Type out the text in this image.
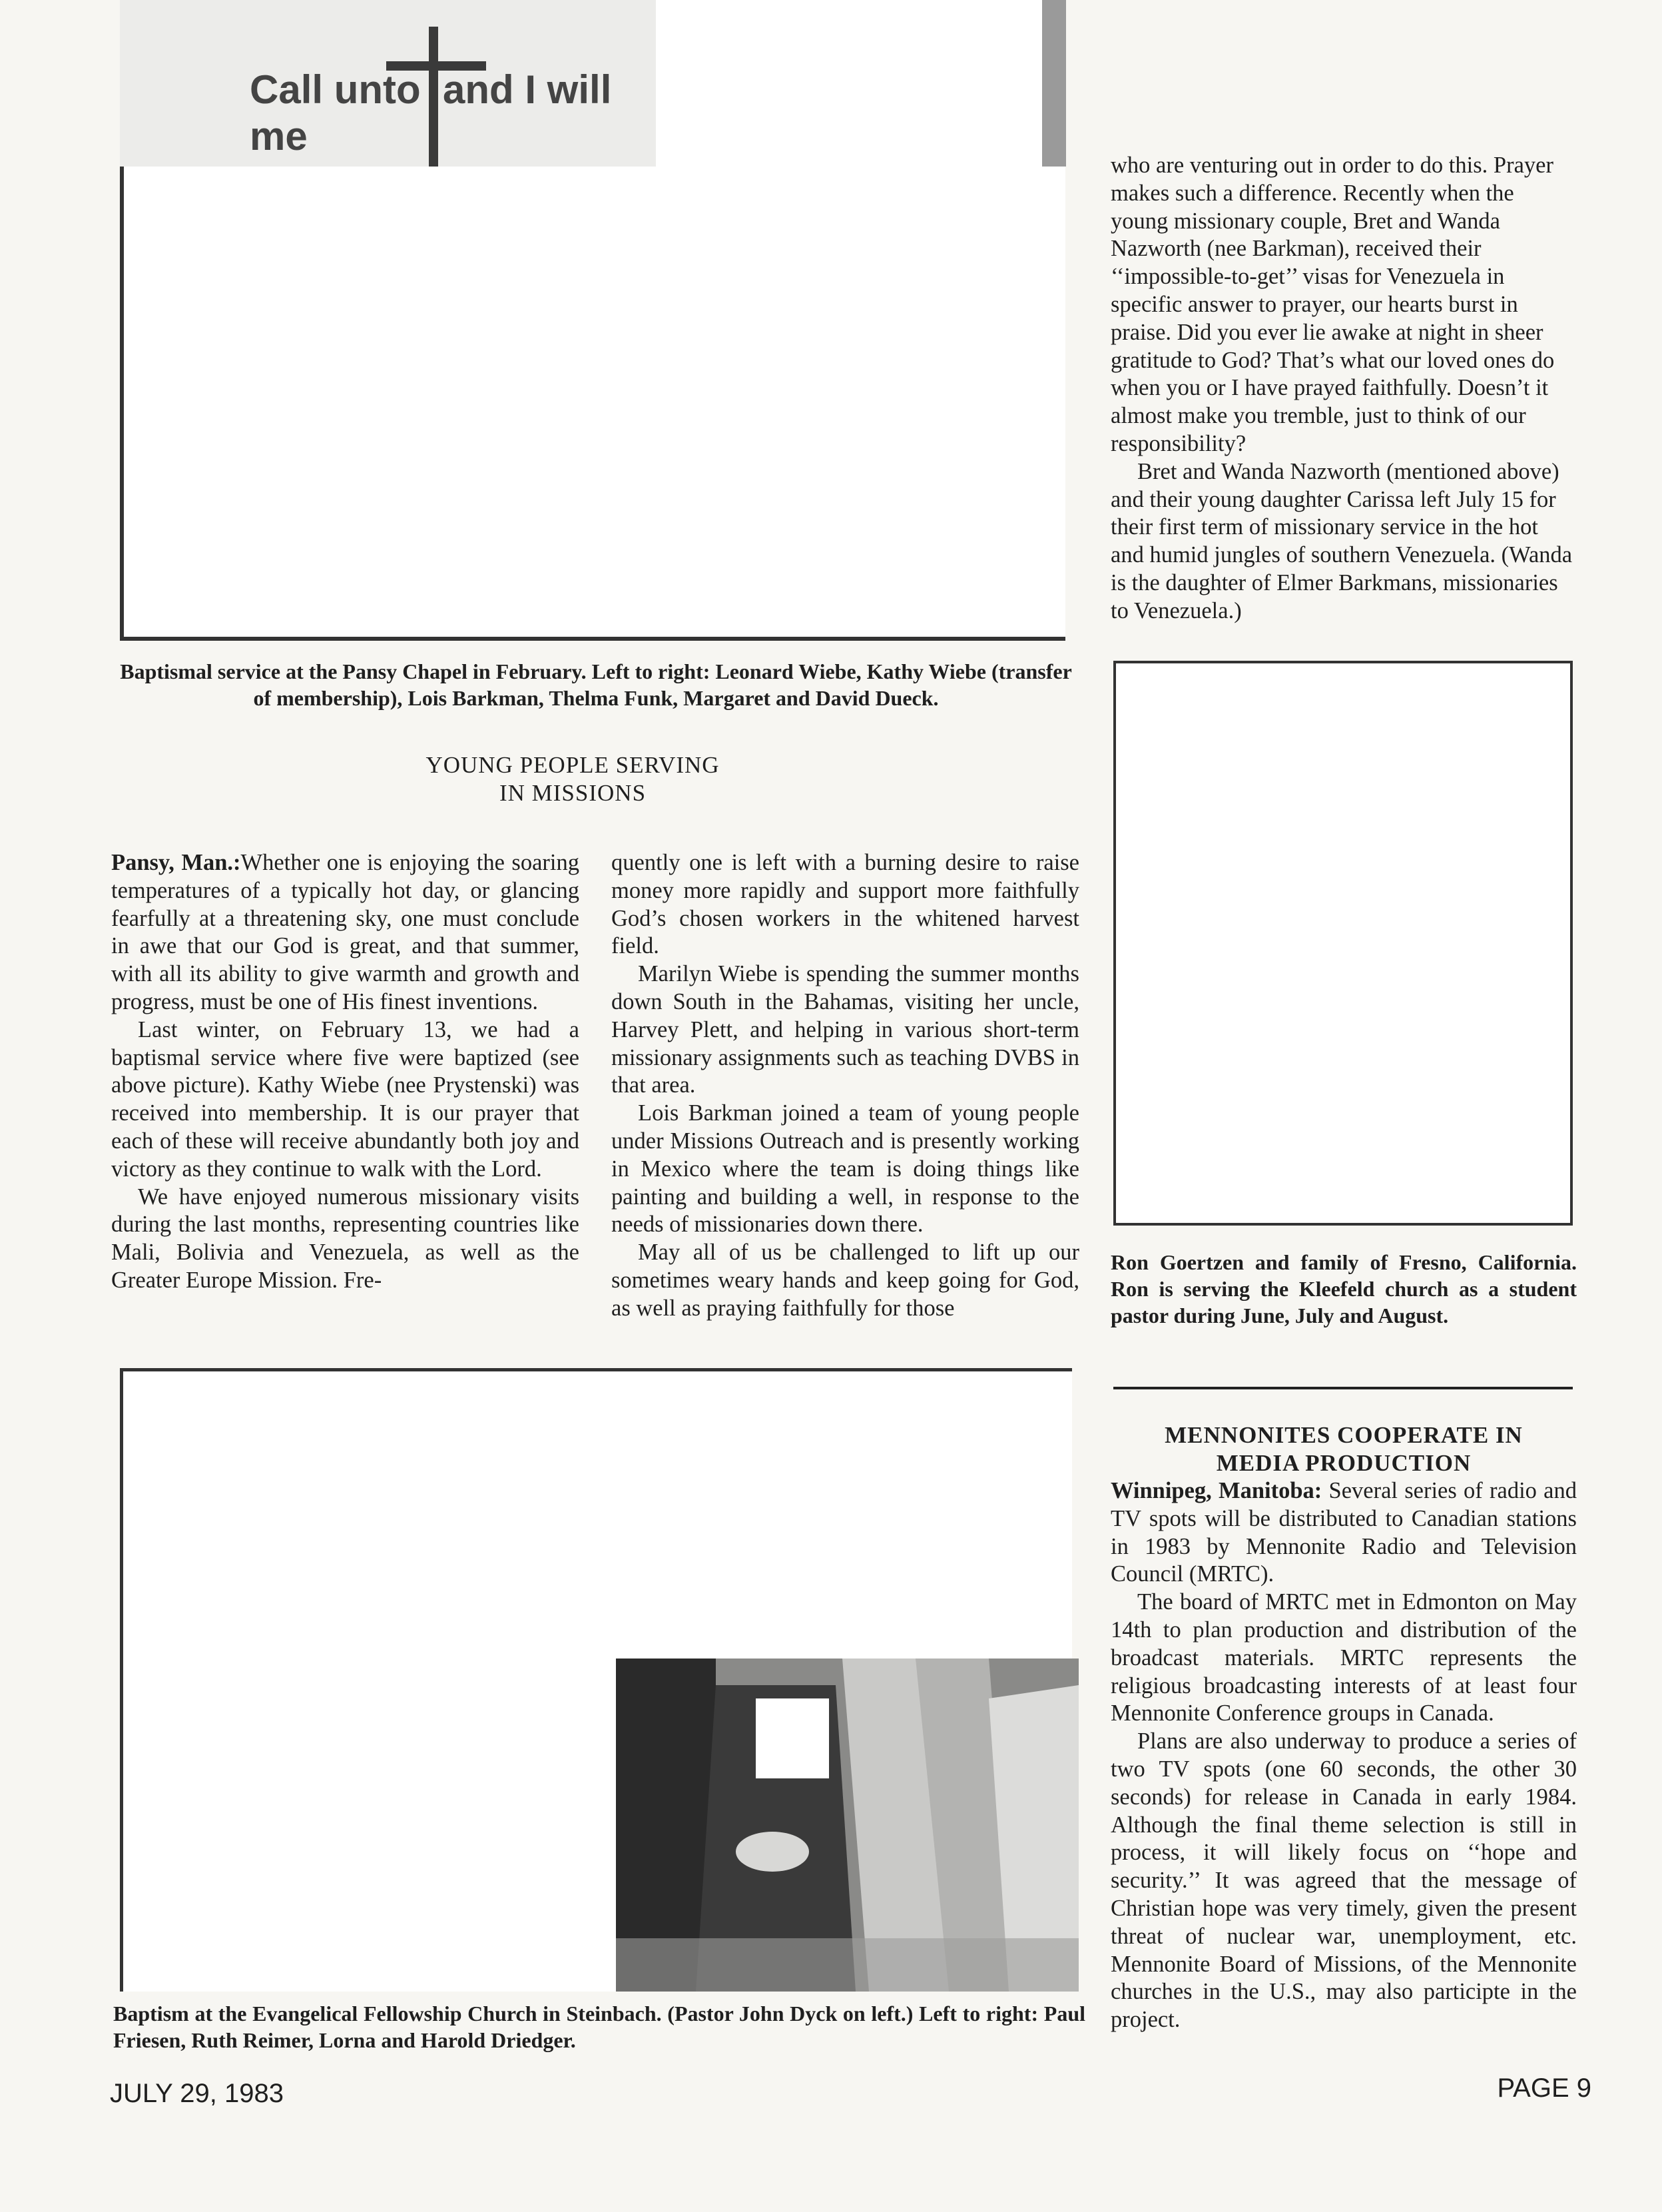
Call unto me
and I will
Baptismal service at the Pansy Chapel in February. Left to right: Leonard Wiebe, Kathy Wiebe (transfer of membership), Lois Barkman, Thelma Funk, Margaret and David Dueck.
YOUNG PEOPLE SERVING
IN MISSIONS

Pansy, Man.:Whether one is enjoying the soaring temperatures of a typically hot day, or glancing fearfully at a threatening sky, one must conclude in awe that our God is great, and that summer, with all its ability to give warmth and growth and progress, must be one of His finest inventions.

Last winter, on February 13, we had a baptismal service where five were baptized (see above picture). Kathy Wiebe (nee Prystenski) was received into membership. It is our prayer that each of these will receive abundantly both joy and victory as they continue to walk with the Lord.

We have enjoyed numerous missionary visits during the last months, representing countries like Mali, Bolivia and Venezuela, as well as the Greater Europe Mission. Fre-

quently one is left with a burning desire to raise money more rapidly and support more faithfully God’s chosen workers in the whitened harvest field.

Marilyn Wiebe is spending the summer months down South in the Bahamas, visiting her uncle, Harvey Plett, and helping in various short-term missionary assignments such as teaching DVBS in that area.

Lois Barkman joined a team of young people under Missions Outreach and is presently working in Mexico where the team is doing things like painting and building a well, in response to the needs of missionaries down there.

May all of us be challenged to lift up our sometimes weary hands and keep going for God, as well as praying faithfully for those

who are venturing out in order to do this. Prayer makes such a difference. Recently when the young missionary couple, Bret and Wanda Nazworth (nee Barkman), received their ‘‘impossible-to-get’’ visas for Venezuela in specific answer to prayer, our hearts burst in praise. Did you ever lie awake at night in sheer gratitude to God? That’s what our loved ones do when you or I have prayed faithfully. Doesn’t it almost make you tremble, just to think of our responsibility?

Bret and Wanda Nazworth (mentioned above) and their young daughter Carissa left July 15 for their first term of missionary service in the hot and humid jungles of southern Venezuela. (Wanda is the daughter of Elmer Barkmans, missionaries to Venezuela.)

Ron Goertzen and family of Fresno, California. Ron is serving the Kleefeld church as a student pastor during June, July and August.
MENNONITES COOPERATE IN
MEDIA PRODUCTION

Winnipeg, Manitoba: Several series of radio and TV spots will be distributed to Canadian stations in 1983 by Mennonite Radio and Television Council (MRTC).

The board of MRTC met in Edmonton on May 14th to plan production and distribution of the broadcast materials. MRTC represents the religious broadcasting interests of at least four Mennonite Conference groups in Canada.

Plans are also underway to produce a series of two TV spots (one 60 seconds, the other 30 seconds) for release in Canada in early 1984. Although the final theme selection is still in process, it will likely focus on ‘‘hope and security.’’ It was agreed that the message of Christian hope was very timely, given the present threat of nuclear war, unemployment, etc. Mennonite Board of Missions, of the Mennonite churches in the U.S., may also participte in the project.

Baptism at the Evangelical Fellowship Church in Steinbach. (Pastor John Dyck on left.) Left to right: Paul Friesen, Ruth Reimer, Lorna and Harold Driedger.
JULY 29, 1983	PAGE 9
